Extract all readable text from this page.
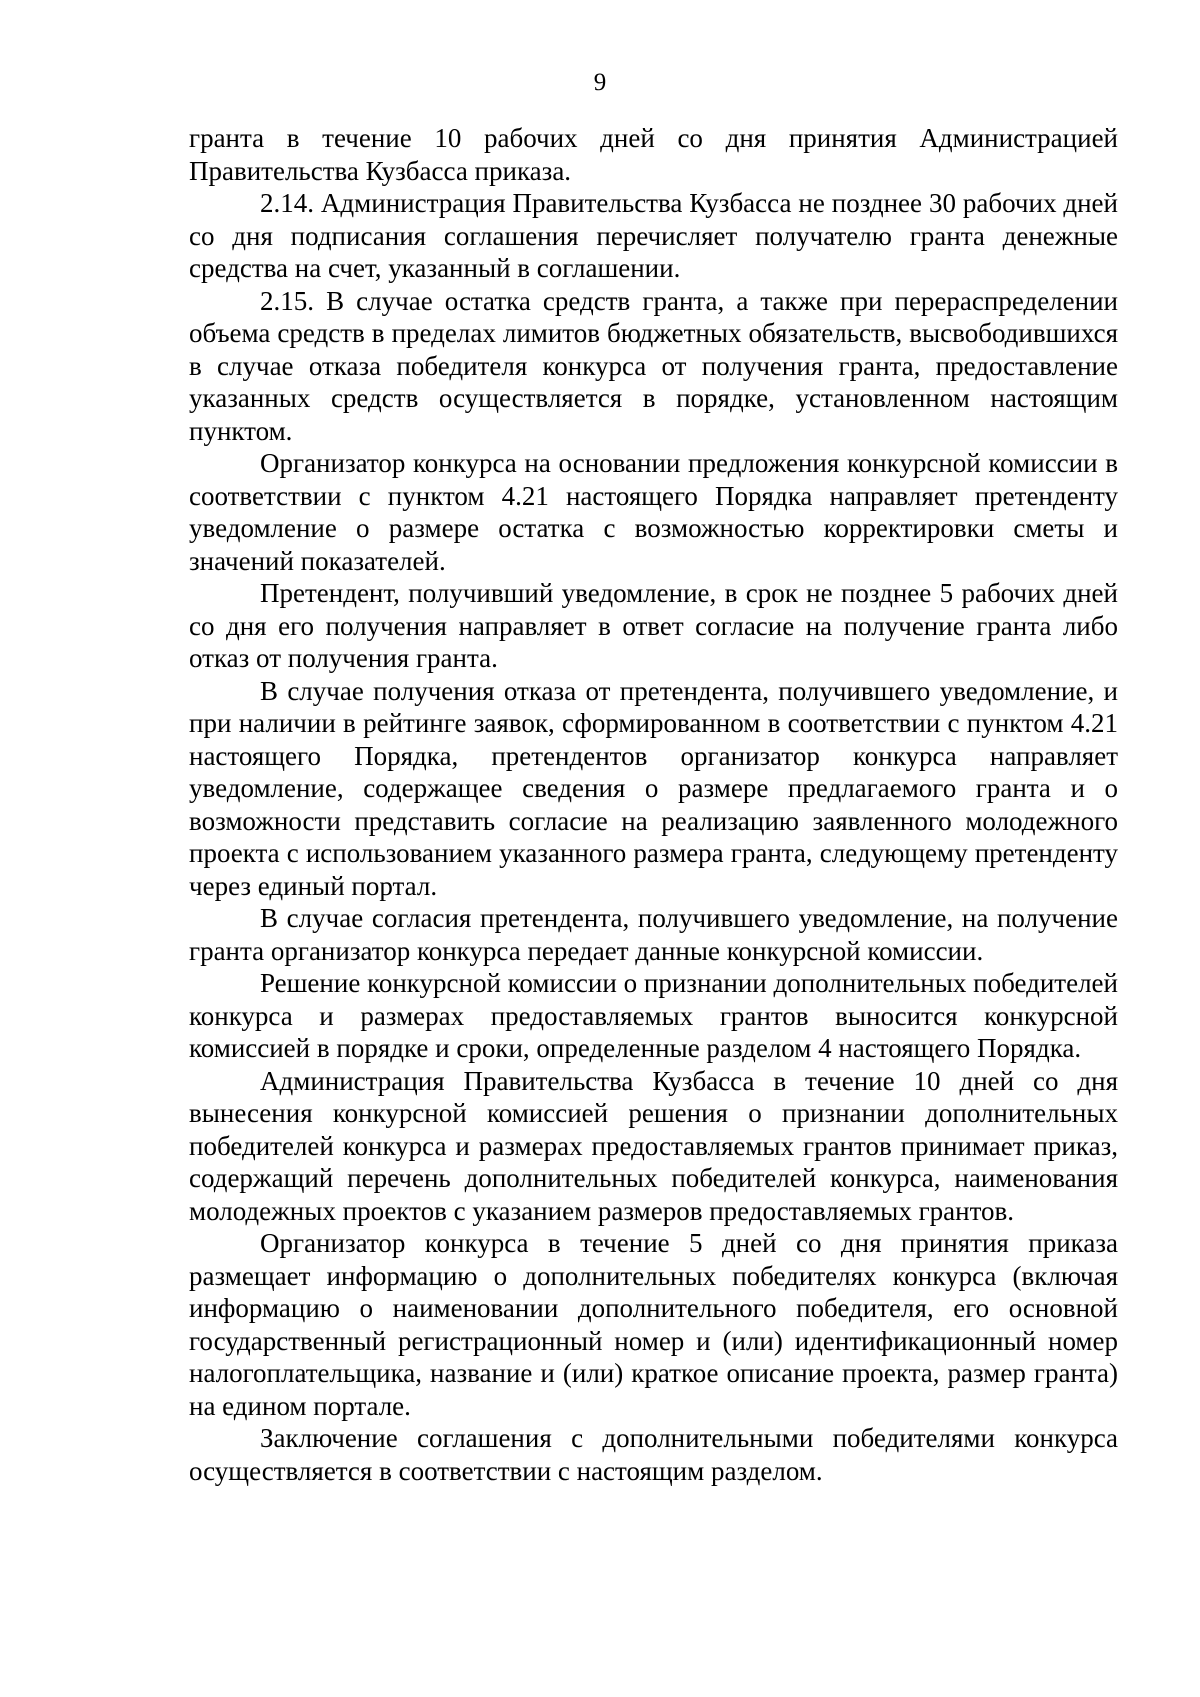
9

гранта в течение 10 рабочих дней со дня принятия Администрацией Правительства Кузбасса приказа.

2.14. Администрация Правительства Кузбасса не позднее 30 рабочих дней со дня подписания соглашения перечисляет получателю гранта денежные средства на счет, указанный в соглашении.

2.15. В случае остатка средств гранта, а также при перераспределении объема средств в пределах лимитов бюджетных обязательств, высвободившихся в случае отказа победителя конкурса от получения гранта, предоставление указанных средств осуществляется в порядке, установленном настоящим пунктом.

Организатор конкурса на основании предложения конкурсной комиссии в соответствии с пунктом 4.21 настоящего Порядка направляет претенденту уведомление о размере остатка с возможностью корректировки сметы и значений показателей.

Претендент, получивший уведомление, в срок не позднее 5 рабочих дней со дня его получения направляет в ответ согласие на получение гранта либо отказ от получения гранта.

В случае получения отказа от претендента, получившего уведомление, и при наличии в рейтинге заявок, сформированном в соответствии с пунктом 4.21 настоящего Порядка, претендентов организатор конкурса направляет уведомление, содержащее сведения о размере предлагаемого гранта и о возможности представить согласие на реализацию заявленного молодежного проекта с использованием указанного размера гранта, следующему претенденту через единый портал.

В случае согласия претендента, получившего уведомление, на получение гранта организатор конкурса передает данные конкурсной комиссии.

Решение конкурсной комиссии о признании дополнительных победителей конкурса и размерах предоставляемых грантов выносится конкурсной комиссией в порядке и сроки, определенные разделом 4 настоящего Порядка.

Администрация Правительства Кузбасса в течение 10 дней со дня вынесения конкурсной комиссией решения о признании дополнительных победителей конкурса и размерах предоставляемых грантов принимает приказ, содержащий перечень дополнительных победителей конкурса, наименования молодежных проектов с указанием размеров предоставляемых грантов.

Организатор конкурса в течение 5 дней со дня принятия приказа размещает информацию о дополнительных победителях конкурса (включая информацию о наименовании дополнительного победителя, его основной государственный регистрационный номер и (или) идентификационный номер налогоплательщика, название и (или) краткое описание проекта, размер гранта) на едином портале.

Заключение соглашения с дополнительными победителями конкурса осуществляется в соответствии с настоящим разделом.
